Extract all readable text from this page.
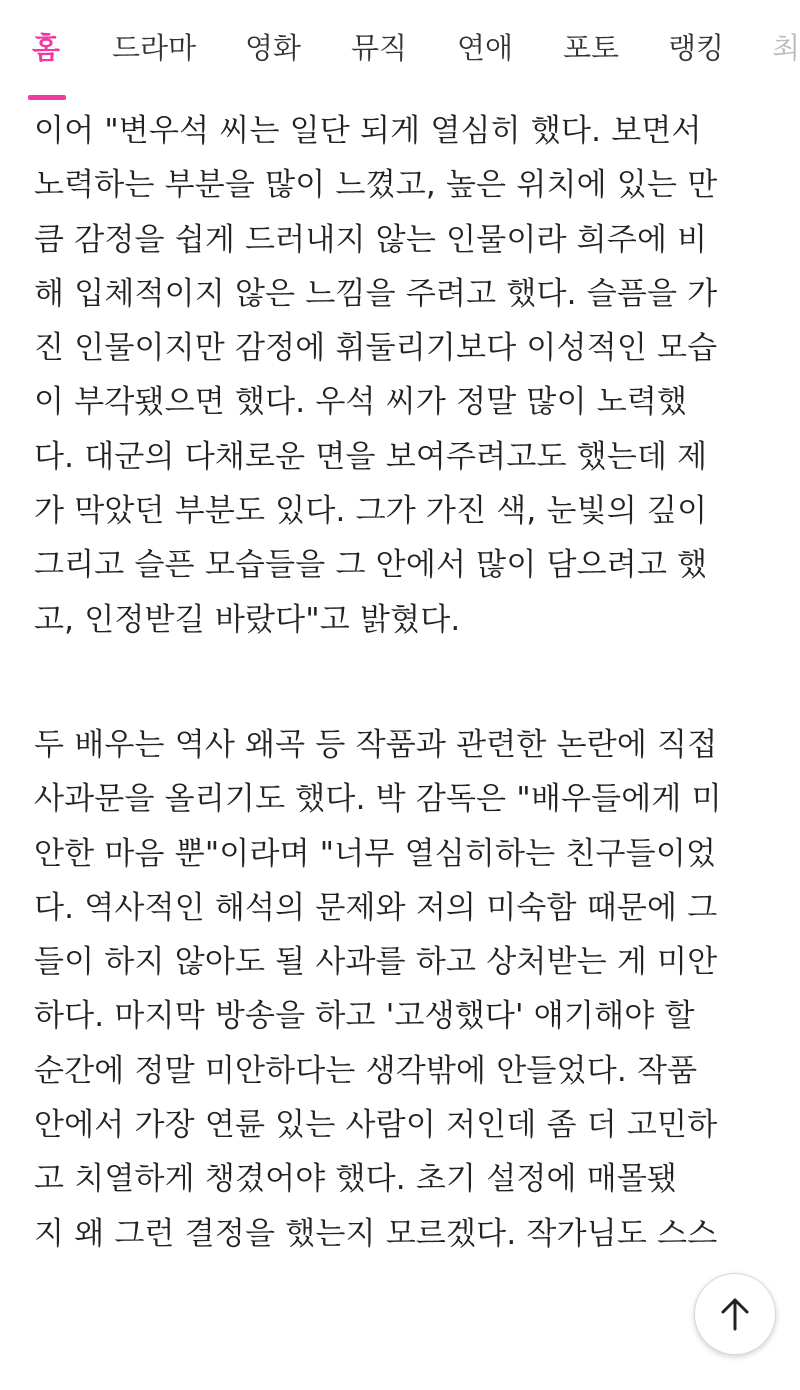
홈 드라마 영화 뮤직 연애 포토 랭킹 최

이어 "변우석 씨는 일단 되게 열심히 했다. 보면서
노력하는 부분을 많이 느꼈고, 높은 위치에 있는 만
큼 감정을 쉽게 드러내지 않는 인물이라 희주에 비
해 입체적이지 않은 느낌을 주려고 했다. 슬픔을 가
진 인물이지만 감정에 휘둘리기보다 이성적인 모습
이 부각됐으면 했다. 우석 씨가 정말 많이 노력했
다. 대군의 다채로운 면을 보여주려고도 했는데 제
가 막았던 부분도 있다. 그가 가진 색, 눈빛의 깊이
그리고 슬픈 모습들을 그 안에서 많이 담으려고 했
고, 인정받길 바랐다"고 밝혔다.

두 배우는 역사 왜곡 등 작품과 관련한 논란에 직접
사과문을 올리기도 했다. 박 감독은 "배우들에게 미
안한 마음 뿐"이라며 "너무 열심히하는 친구들이었
다. 역사적인 해석의 문제와 저의 미숙함 때문에 그
들이 하지 않아도 될 사과를 하고 상처받는 게 미안
하다. 마지막 방송을 하고 '고생했다' 얘기해야 할
순간에 정말 미안하다는 생각밖에 안들었다. 작품
안에서 가장 연륜 있는 사람이 저인데 좀 더 고민하
고 치열하게 챙겼어야 했다. 초기 설정에 매몰됐
지 왜 그런 결정을 했는지 모르겠다. 작가님도 스스
